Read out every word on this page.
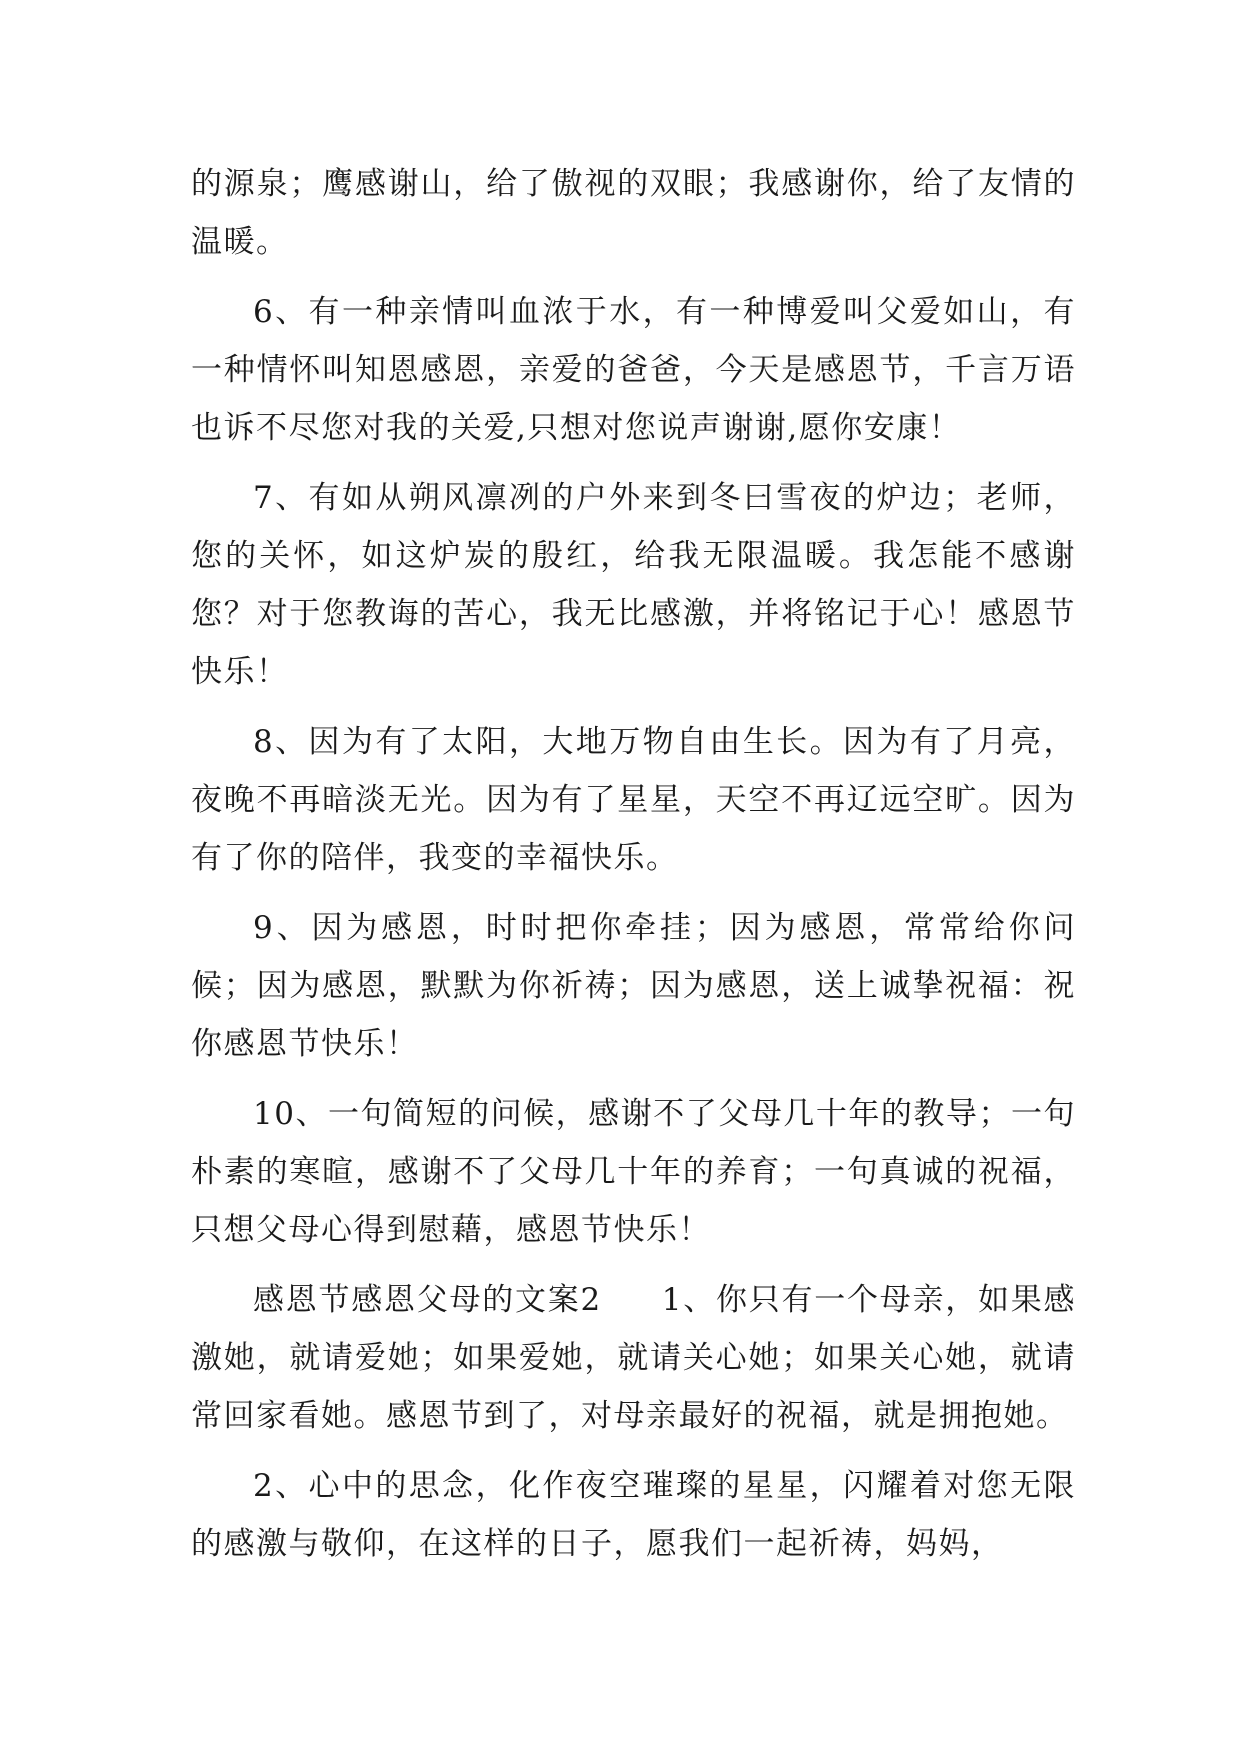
的源泉；鹰感谢山，给了傲视的双眼；我感谢你，给了友情的温暖。

6、有一种亲情叫血浓于水，有一种博爱叫父爱如山，有一种情怀叫知恩感恩，亲爱的爸爸，今天是感恩节，千言万语也诉不尽您对我的关爱,只想对您说声谢谢,愿你安康！

7、有如从朔风凛冽的户外来到冬曰雪夜的炉边；老师，您的关怀，如这炉炭的殷红，给我无限温暖。我怎能不感谢您？对于您教诲的苦心，我无比感激，并将铭记于心！感恩节快乐！

8、因为有了太阳，大地万物自由生长。因为有了月亮，夜晚不再暗淡无光。因为有了星星，天空不再辽远空旷。因为有了你的陪伴，我变的幸福快乐。

9、因为感恩，时时把你牵挂；因为感恩，常常给你问候；因为感恩，默默为你祈祷；因为感恩，送上诚挚祝福：祝你感恩节快乐！

10、一句简短的问候，感谢不了父母几十年的教导；一句朴素的寒暄，感谢不了父母几十年的养育；一句真诚的祝福，只想父母心得到慰藉，感恩节快乐！

感恩节感恩父母的文案2 1、你只有一个母亲，如果感激她，就请爱她；如果爱她，就请关心她；如果关心她，就请常回家看她。感恩节到了，对母亲最好的祝福，就是拥抱她。

2、心中的思念，化作夜空璀璨的星星，闪耀着对您无限的感激与敬仰，在这样的日子，愿我们一起祈祷，妈妈，
